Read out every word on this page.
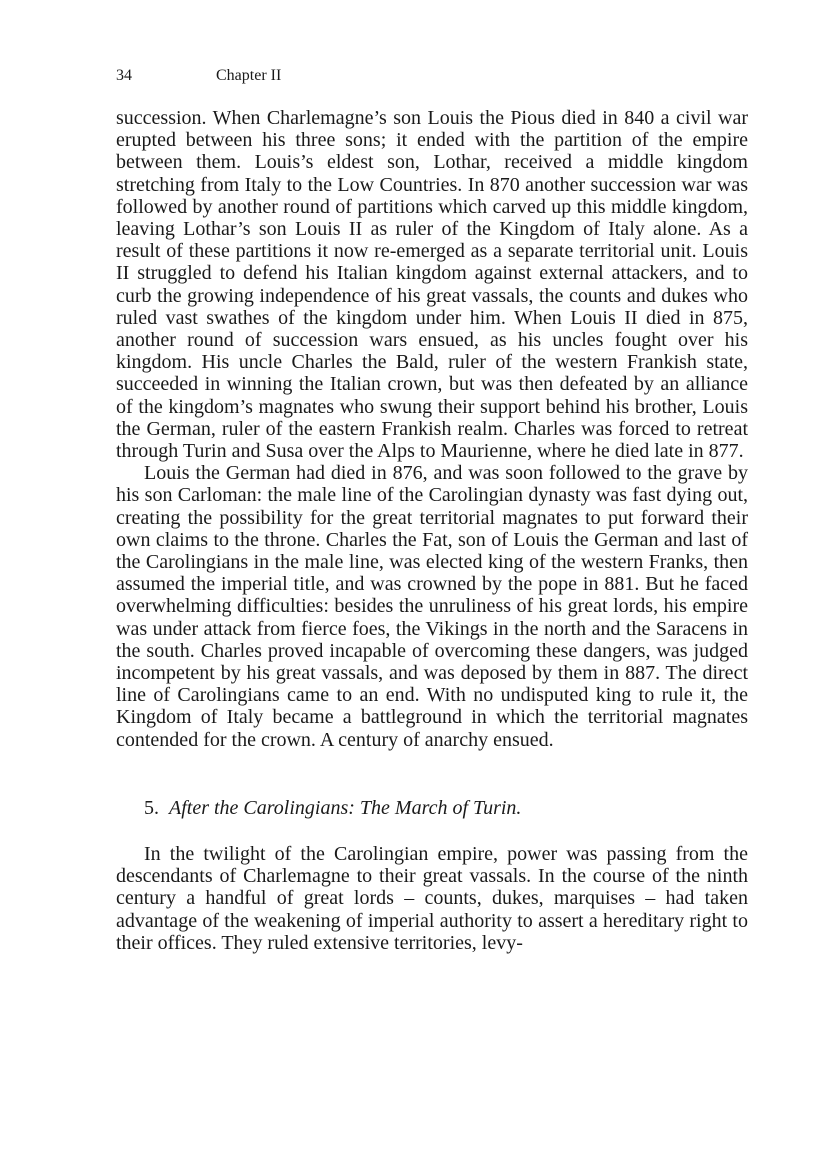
34	Chapter II

succession. When Charlemagne’s son Louis the Pious died in 840 a civil war erupted between his three sons; it ended with the partition of the empire between them. Louis’s eldest son, Lothar, received a middle kingdom stretching from Italy to the Low Countries. In 870 another succession war was followed by another round of partitions which carved up this middle kingdom, leaving Lothar’s son Louis II as ruler of the Kingdom of Italy alone. As a result of these partitions it now re-emerged as a separate territorial unit. Louis II struggled to defend his Italian kingdom against external attackers, and to curb the growing independence of his great vassals, the counts and dukes who ruled vast swathes of the kingdom under him. When Louis II died in 875, another round of succession wars ensued, as his uncles fought over his kingdom. His uncle Charles the Bald, ruler of the western Frankish state, succeeded in winning the Italian crown, but was then defeated by an alliance of the kingdom’s magnates who swung their support behind his brother, Louis the German, ruler of the eastern Frankish realm. Charles was forced to retreat through Turin and Susa over the Alps to Maurienne, where he died late in 877.

Louis the German had died in 876, and was soon followed to the grave by his son Carloman: the male line of the Carolingian dynasty was fast dying out, creating the possibility for the great territorial magnates to put forward their own claims to the throne. Charles the Fat, son of Louis the German and last of the Carolingians in the male line, was elected king of the western Franks, then assumed the imperial title, and was crowned by the pope in 881. But he faced overwhelming difficulties: besides the unruliness of his great lords, his empire was under attack from fierce foes, the Vikings in the north and the Saracens in the south. Charles proved incapable of overcoming these dangers, was judged incompetent by his great vassals, and was deposed by them in 887. The direct line of Carolingians came to an end. With no undisputed king to rule it, the Kingdom of Italy became a battleground in which the territorial magnates contended for the crown. A century of anarchy ensued.

5. After the Carolingians: The March of Turin.

In the twilight of the Carolingian empire, power was passing from the descendants of Charlemagne to their great vassals. In the course of the ninth century a handful of great lords – counts, dukes, marquises – had taken advantage of the weakening of imperial authority to assert a hereditary right to their offices. They ruled extensive territories, levy-
